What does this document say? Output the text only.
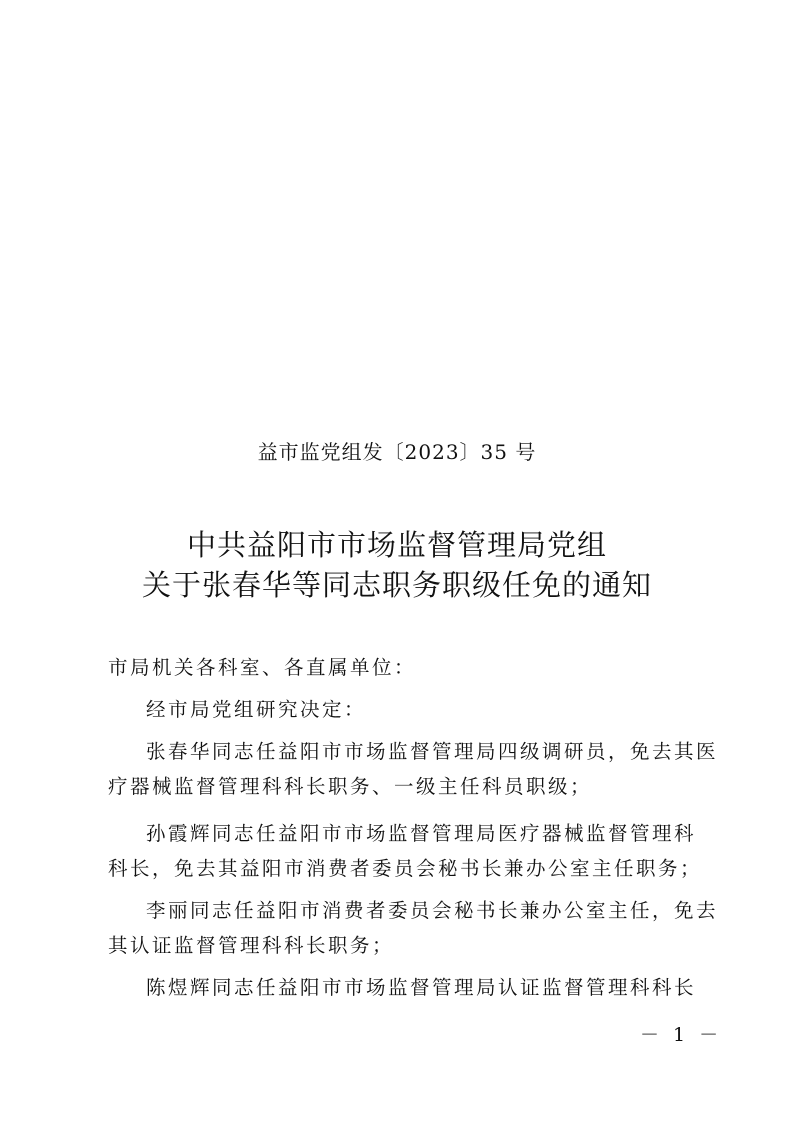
益市监党组发〔2023〕35 号
中共益阳市市场监督管理局党组
关于张春华等同志职务职级任免的通知
市局机关各科室、各直属单位：
经市局党组研究决定：
张春华同志任益阳市市场监督管理局四级调研员，免去其医
疗器械监督管理科科长职务、一级主任科员职级；
孙霞辉同志任益阳市市场监督管理局医疗器械监督管理科
科长，免去其益阳市消费者委员会秘书长兼办公室主任职务；
李丽同志任益阳市消费者委员会秘书长兼办公室主任，免去
其认证监督管理科科长职务；
陈煜辉同志任益阳市市场监督管理局认证监督管理科科长
－ 1 －
